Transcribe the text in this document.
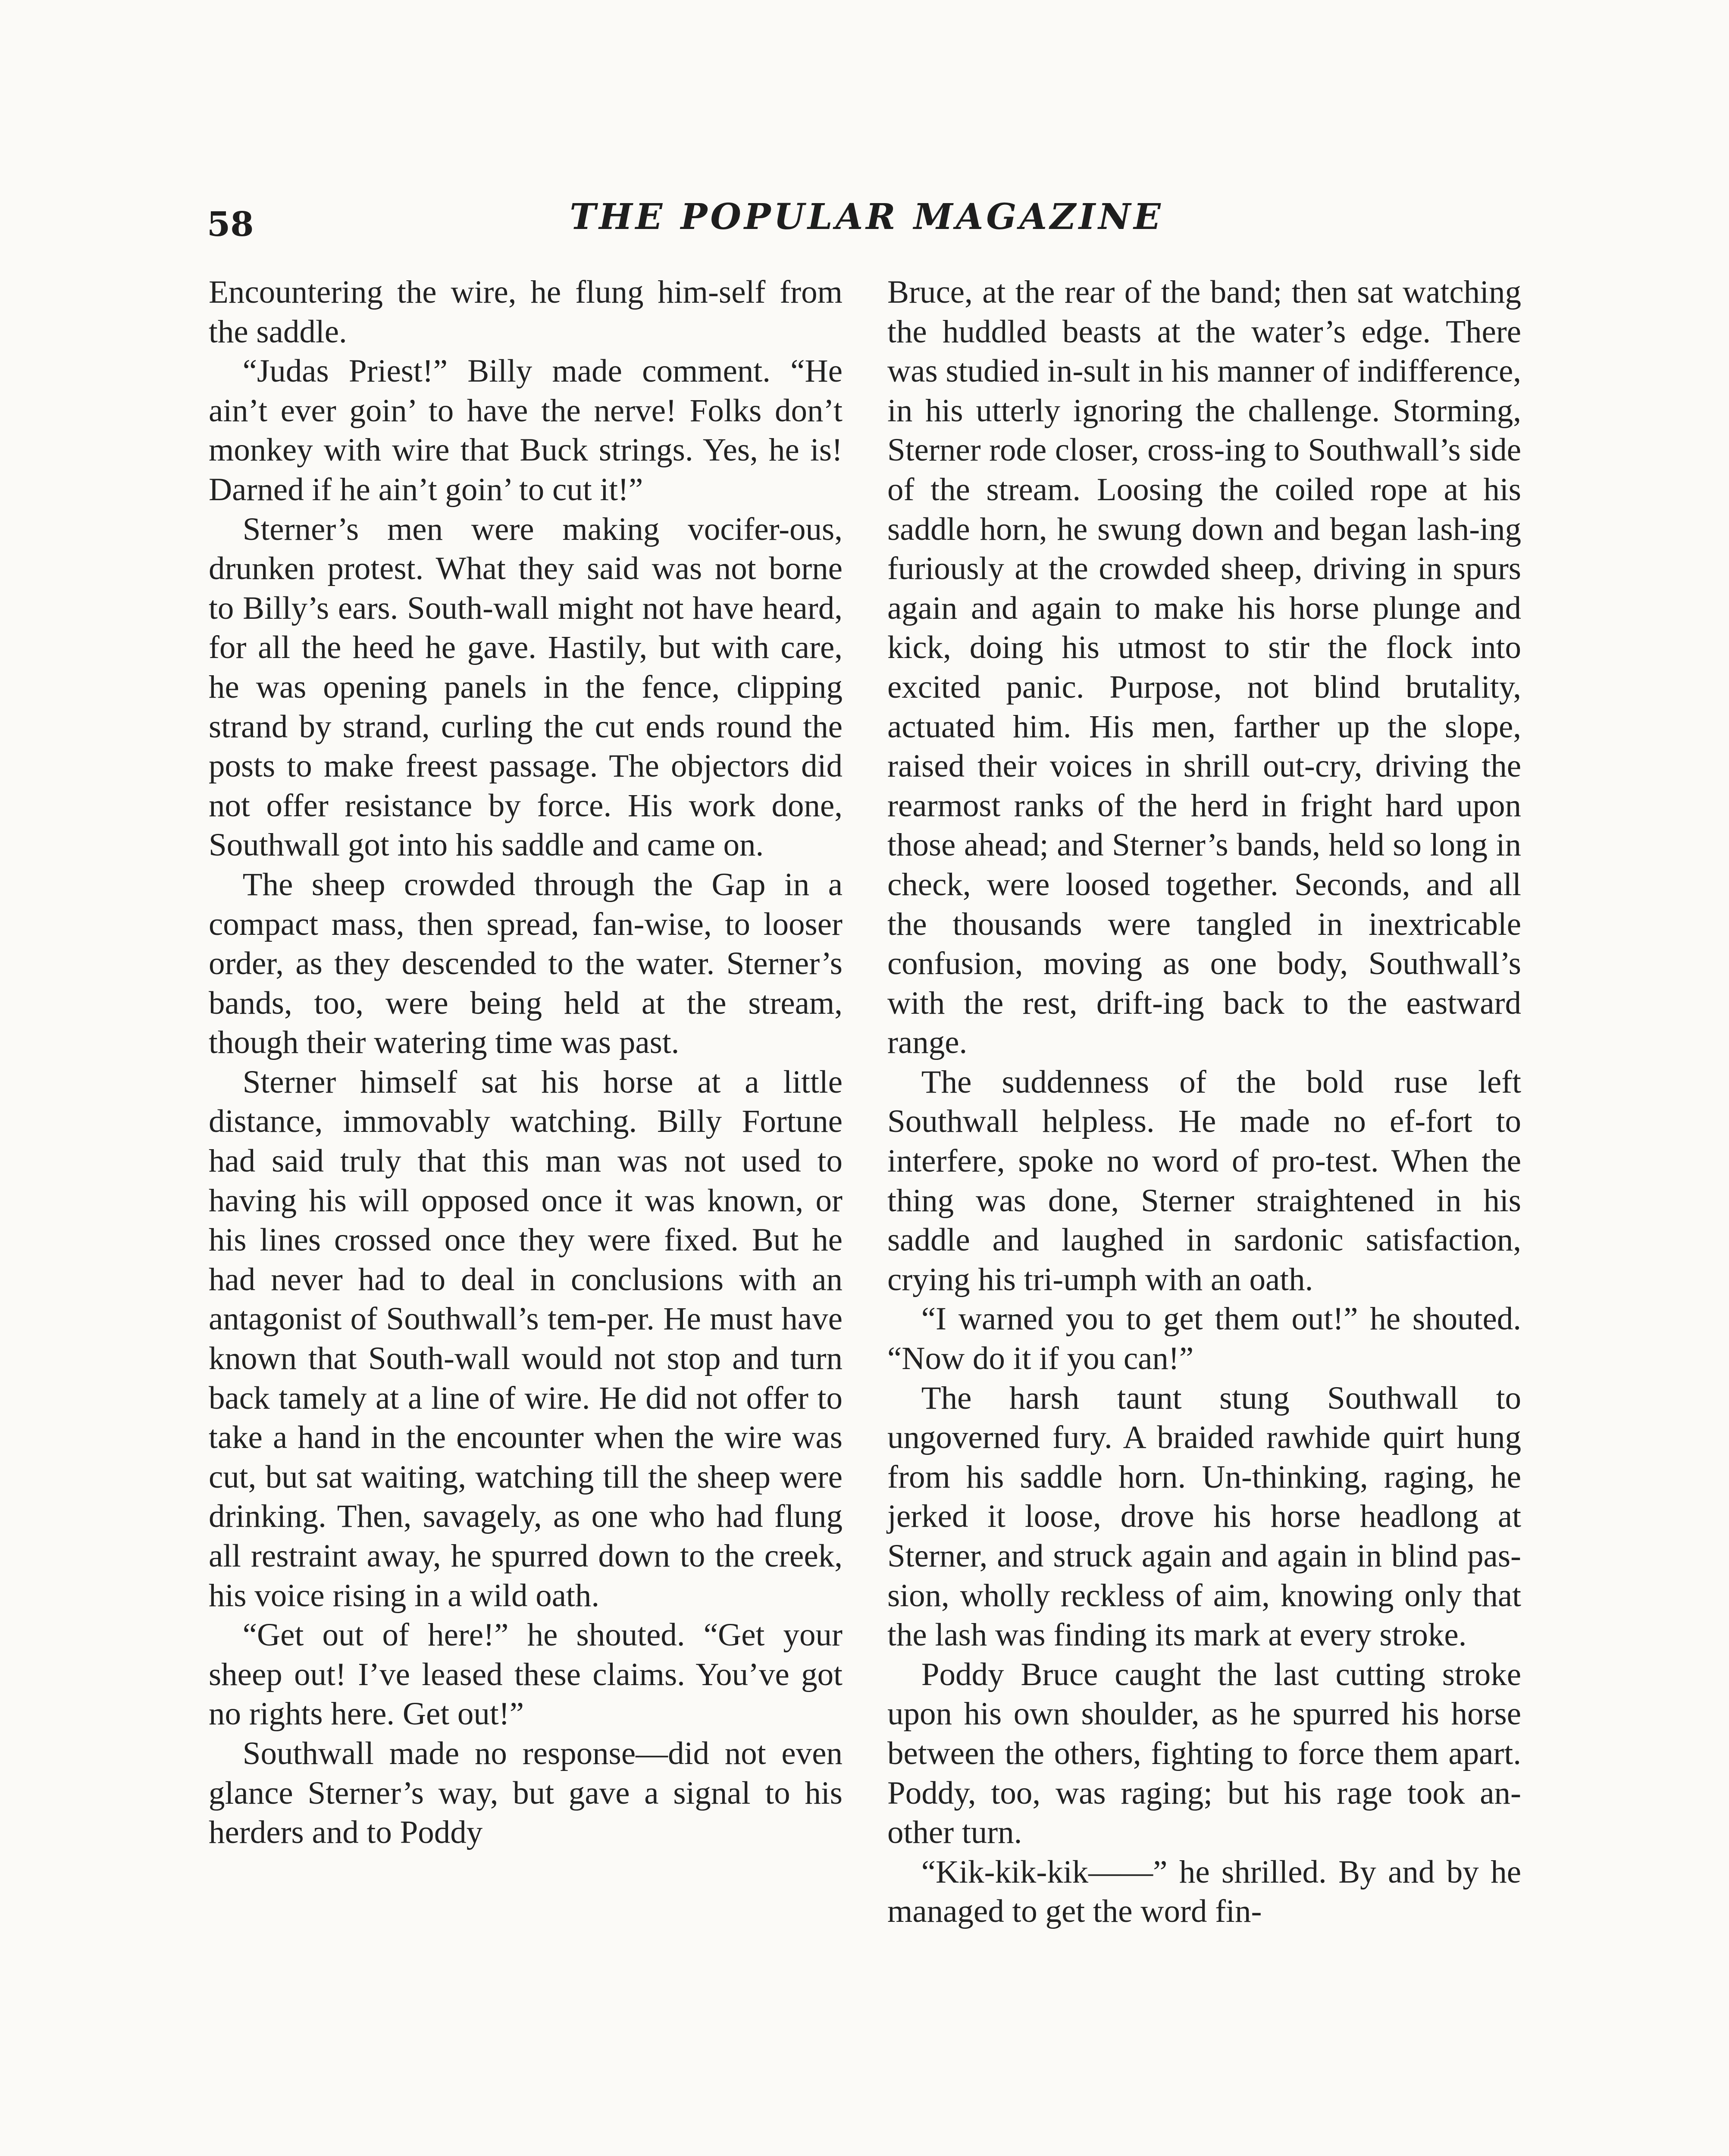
58	THE POPULAR MAGAZINE

Encountering the wire, he flung him-self from the saddle.

“Judas Priest!” Billy made comment. “He ain’t ever goin’ to have the nerve! Folks don’t monkey with wire that Buck strings. Yes, he is! Darned if he ain’t goin’ to cut it!”

Sterner’s men were making vocifer-ous, drunken protest. What they said was not borne to Billy’s ears. South-wall might not have heard, for all the heed he gave. Hastily, but with care, he was opening panels in the fence, clipping strand by strand, curling the cut ends round the posts to make freest passage. The objectors did not offer resistance by force. His work done, Southwall got into his saddle and came on.

The sheep crowded through the Gap in a compact mass, then spread, fan-wise, to looser order, as they descended to the water. Sterner’s bands, too, were being held at the stream, though their watering time was past.

Sterner himself sat his horse at a little distance, immovably watching. Billy Fortune had said truly that this man was not used to having his will opposed once it was known, or his lines crossed once they were fixed. But he had never had to deal in conclusions with an antagonist of Southwall’s tem-per. He must have known that South-wall would not stop and turn back tamely at a line of wire. He did not offer to take a hand in the encounter when the wire was cut, but sat waiting, watching till the sheep were drinking. Then, savagely, as one who had flung all restraint away, he spurred down to the creek, his voice rising in a wild oath.

“Get out of here!” he shouted. “Get your sheep out! I’ve leased these claims. You’ve got no rights here. Get out!”

Southwall made no response—did not even glance Sterner’s way, but gave a signal to his herders and to Poddy

Bruce, at the rear of the band; then sat watching the huddled beasts at the water’s edge. There was studied in-sult in his manner of indifference, in his utterly ignoring the challenge. Storming, Sterner rode closer, cross-ing to Southwall’s side of the stream. Loosing the coiled rope at his saddle horn, he swung down and began lash-ing furiously at the crowded sheep, driving in spurs again and again to make his horse plunge and kick, doing his utmost to stir the flock into excited panic. Purpose, not blind brutality, actuated him. His men, farther up the slope, raised their voices in shrill out-cry, driving the rearmost ranks of the herd in fright hard upon those ahead; and Sterner’s bands, held so long in check, were loosed together. Seconds, and all the thousands were tangled in inextricable confusion, moving as one body, Southwall’s with the rest, drift-ing back to the eastward range.

The suddenness of the bold ruse left Southwall helpless. He made no ef-fort to interfere, spoke no word of pro-test. When the thing was done, Sterner straightened in his saddle and laughed in sardonic satisfaction, crying his tri-umph with an oath.

“I warned you to get them out!” he shouted. “Now do it if you can!”

The harsh taunt stung Southwall to ungoverned fury. A braided rawhide quirt hung from his saddle horn. Un-thinking, raging, he jerked it loose, drove his horse headlong at Sterner, and struck again and again in blind pas-sion, wholly reckless of aim, knowing only that the lash was finding its mark at every stroke.

Poddy Bruce caught the last cutting stroke upon his own shoulder, as he spurred his horse between the others, fighting to force them apart. Poddy, too, was raging; but his rage took an-other turn.

“Kik-kik-kik——” he shrilled. By and by he managed to get the word fin-
